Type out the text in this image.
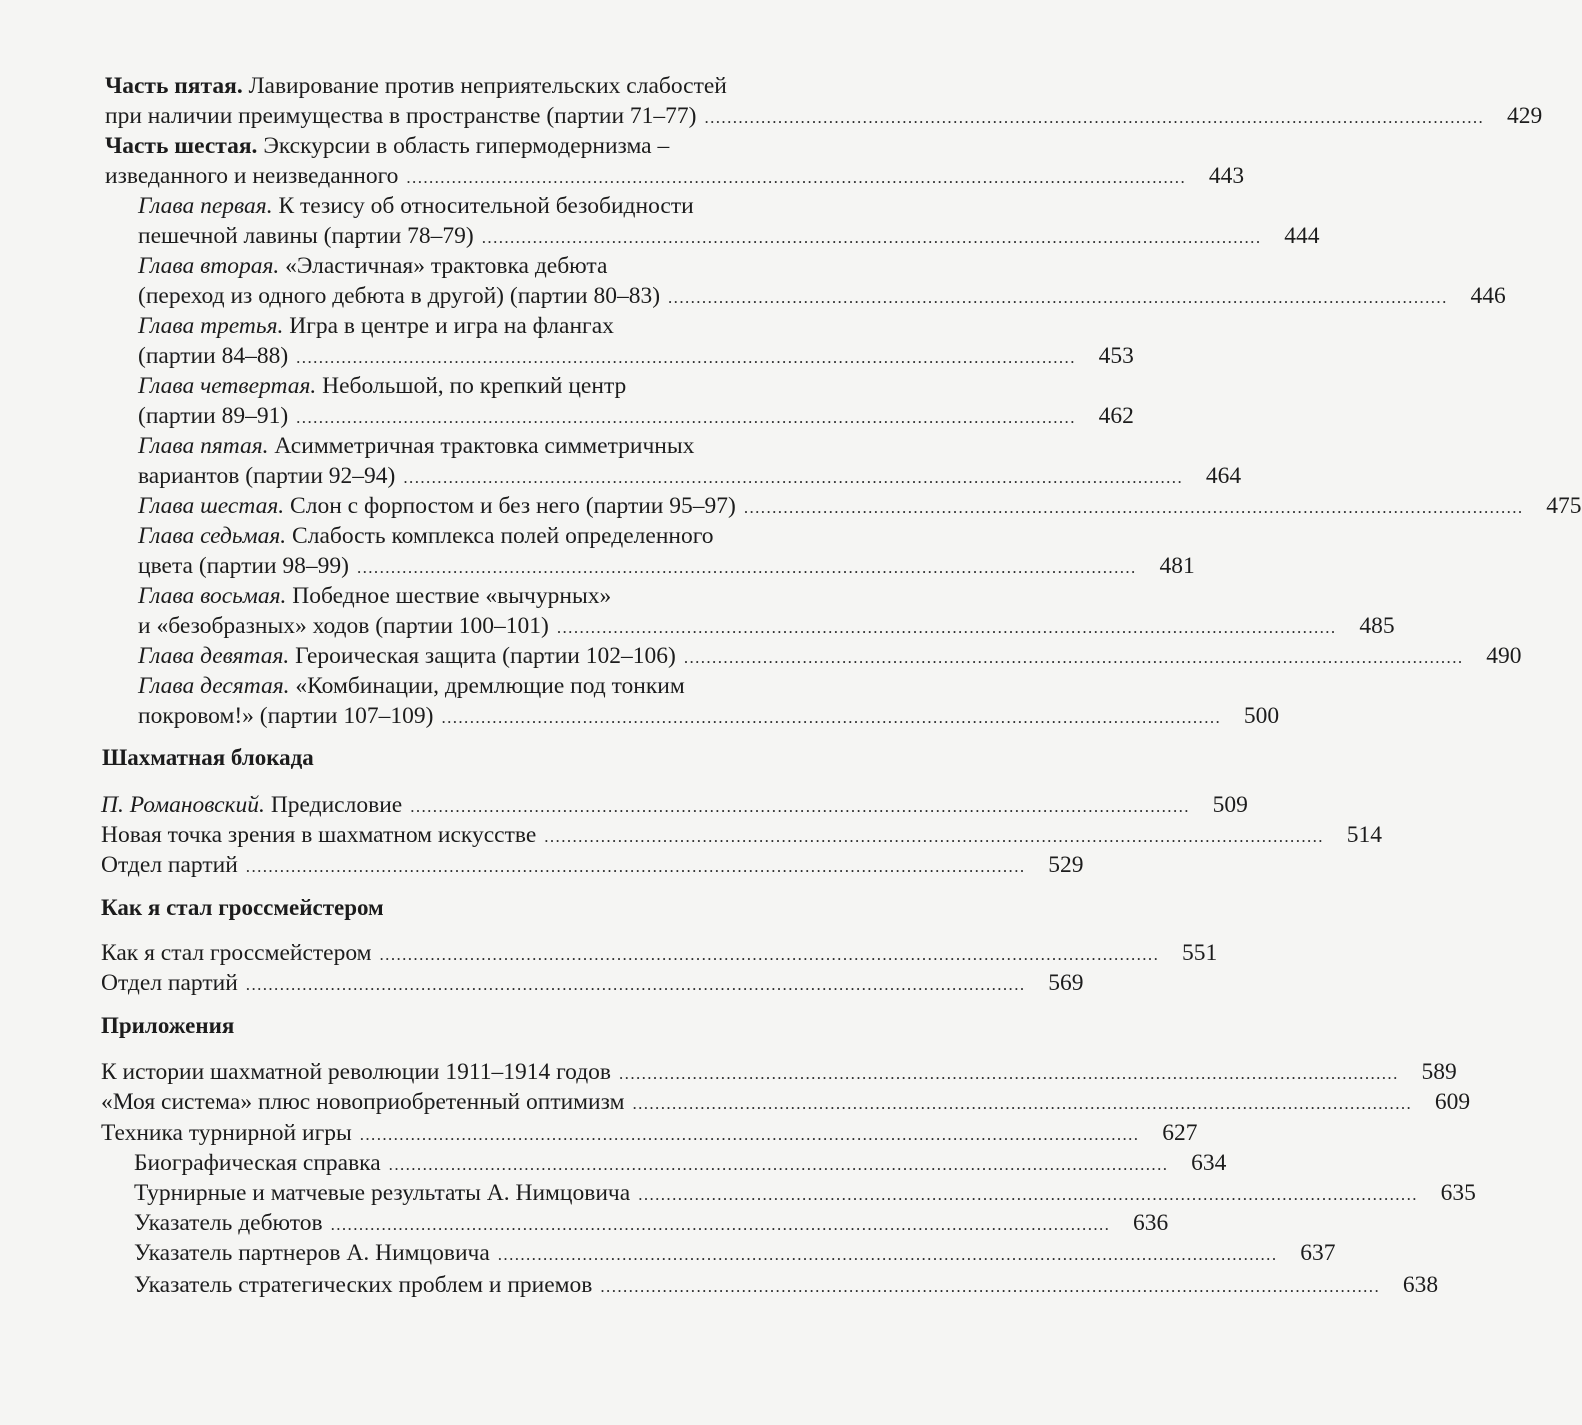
Часть пятая. Лавирование против неприятельских слабостей
при наличии преимущества в пространстве (партии 71–77) .......................................................................................................................................... 429
Часть шестая. Экскурсии в область гипермодернизма –
изведанного и неизведанного .......................................................................................................................................... 443
Глава первая. К тезису об относительной безобидности
пешечной лавины (партии 78–79) .......................................................................................................................................... 444
Глава вторая. «Эластичная» трактовка дебюта
(переход из одного дебюта в другой) (партии 80–83) .......................................................................................................................................... 446
Глава третья. Игра в центре и игра на флангах
(партии 84–88) .......................................................................................................................................... 453
Глава четвертая. Небольшой, по крепкий центр
(партии 89–91) .......................................................................................................................................... 462
Глава пятая. Асимметричная трактовка симметричных
вариантов (партии 92–94) .......................................................................................................................................... 464
Глава шестая. Слон с форпостом и без него (партии 95–97) .......................................................................................................................................... 475
Глава седьмая. Слабость комплекса полей определенного
цвета (партии 98–99) .......................................................................................................................................... 481
Глава восьмая. Победное шествие «вычурных»
и «безобразных» ходов (партии 100–101) .......................................................................................................................................... 485
Глава девятая. Героическая защита (партии 102–106) .......................................................................................................................................... 490
Глава десятая. «Комбинации, дремлющие под тонким
покровом!» (партии 107–109) .......................................................................................................................................... 500
Шахматная блокада
П. Романовский. Предисловие .......................................................................................................................................... 509
Новая точка зрения в шахматном искусстве .......................................................................................................................................... 514
Отдел партий .......................................................................................................................................... 529
Как я стал гроссмейстером
Как я стал гроссмейстером .......................................................................................................................................... 551
Отдел партий .......................................................................................................................................... 569
Приложения
К истории шахматной революции 1911–1914 годов .......................................................................................................................................... 589
«Моя система» плюс новоприобретенный оптимизм .......................................................................................................................................... 609
Техника турнирной игры .......................................................................................................................................... 627
Биографическая справка .......................................................................................................................................... 634
Турнирные и матчевые результаты А. Нимцовича .......................................................................................................................................... 635
Указатель дебютов .......................................................................................................................................... 636
Указатель партнеров А. Нимцовича .......................................................................................................................................... 637
Указатель стратегических проблем и приемов .......................................................................................................................................... 638
